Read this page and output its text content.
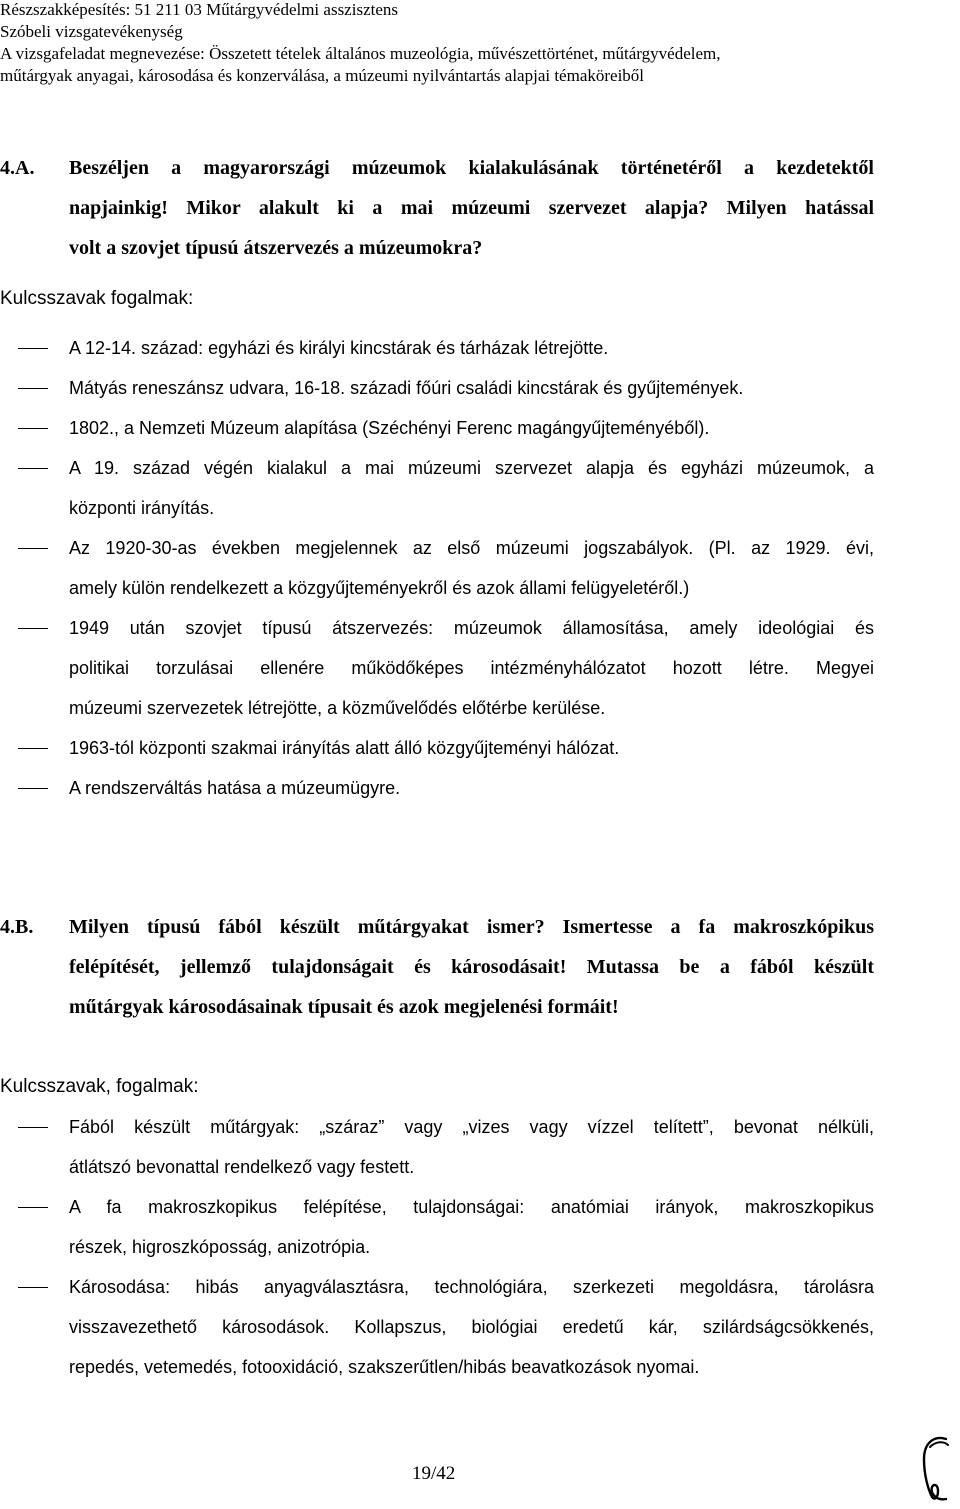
Részszakképesítés: 51 211 03 Műtárgyvédelmi asszisztens
Szóbeli vizsgatevékenység
A vizsgafeladat megnevezése: Összetett tételek általános muzeológia, művészettörténet, műtárgyvédelem,
műtárgyak anyagai, károsodása és konzerválása, a múzeumi nyilvántartás alapjai témaköreiből
4.A. Beszéljen a magyarországi múzeumok kialakulásának történetéről a kezdetektől
napjainkig! Mikor alakult ki a mai múzeumi szervezet alapja? Milyen hatással
volt a szovjet típusú átszervezés a múzeumokra?
Kulcsszavak fogalmak:
A 12-14. század: egyházi és királyi kincstárak és tárházak létrejötte.
Mátyás reneszánsz udvara, 16-18. századi főúri családi kincstárak és gyűjtemények.
1802., a Nemzeti Múzeum alapítása (Széchényi Ferenc magángyűjteményéből).
A 19. század végén kialakul a mai múzeumi szervezet alapja és egyházi múzeumok, a
központi irányítás.
Az 1920-30-as években megjelennek az első múzeumi jogszabályok. (Pl. az 1929. évi,
amely külön rendelkezett a közgyűjteményekről és azok állami felügyeletéről.)
1949 után szovjet típusú átszervezés: múzeumok államosítása, amely ideológiai és
politikai torzulásai ellenére működőképes intézményhálózatot hozott létre. Megyei
múzeumi szervezetek létrejötte, a közművelődés előtérbe kerülése.
1963-tól központi szakmai irányítás alatt álló közgyűjteményi hálózat.
A rendszerváltás hatása a múzeumügyre.
4.B. Milyen típusú fából készült műtárgyakat ismer? Ismertesse a fa makroszkópikus
felépítését, jellemző tulajdonságait és károsodásait! Mutassa be a fából készült
műtárgyak károsodásainak típusait és azok megjelenési formáit!
Kulcsszavak, fogalmak:
Fából készült műtárgyak: „száraz” vagy „vizes vagy vízzel telített”, bevonat nélküli,
átlátszó bevonattal rendelkező vagy festett.
A fa makroszkopikus felépítése, tulajdonságai: anatómiai irányok, makroszkopikus
részek, higroszkóposság, anizotrópia.
Károsodása: hibás anyagválasztásra, technológiára, szerkezeti megoldásra, tárolásra
visszavezethető károsodások. Kollapszus, biológiai eredetű kár, szilárdságcsökkenés,
repedés, vetemedés, fotooxidáció, szakszerűtlen/hibás beavatkozások nyomai.
19/42
